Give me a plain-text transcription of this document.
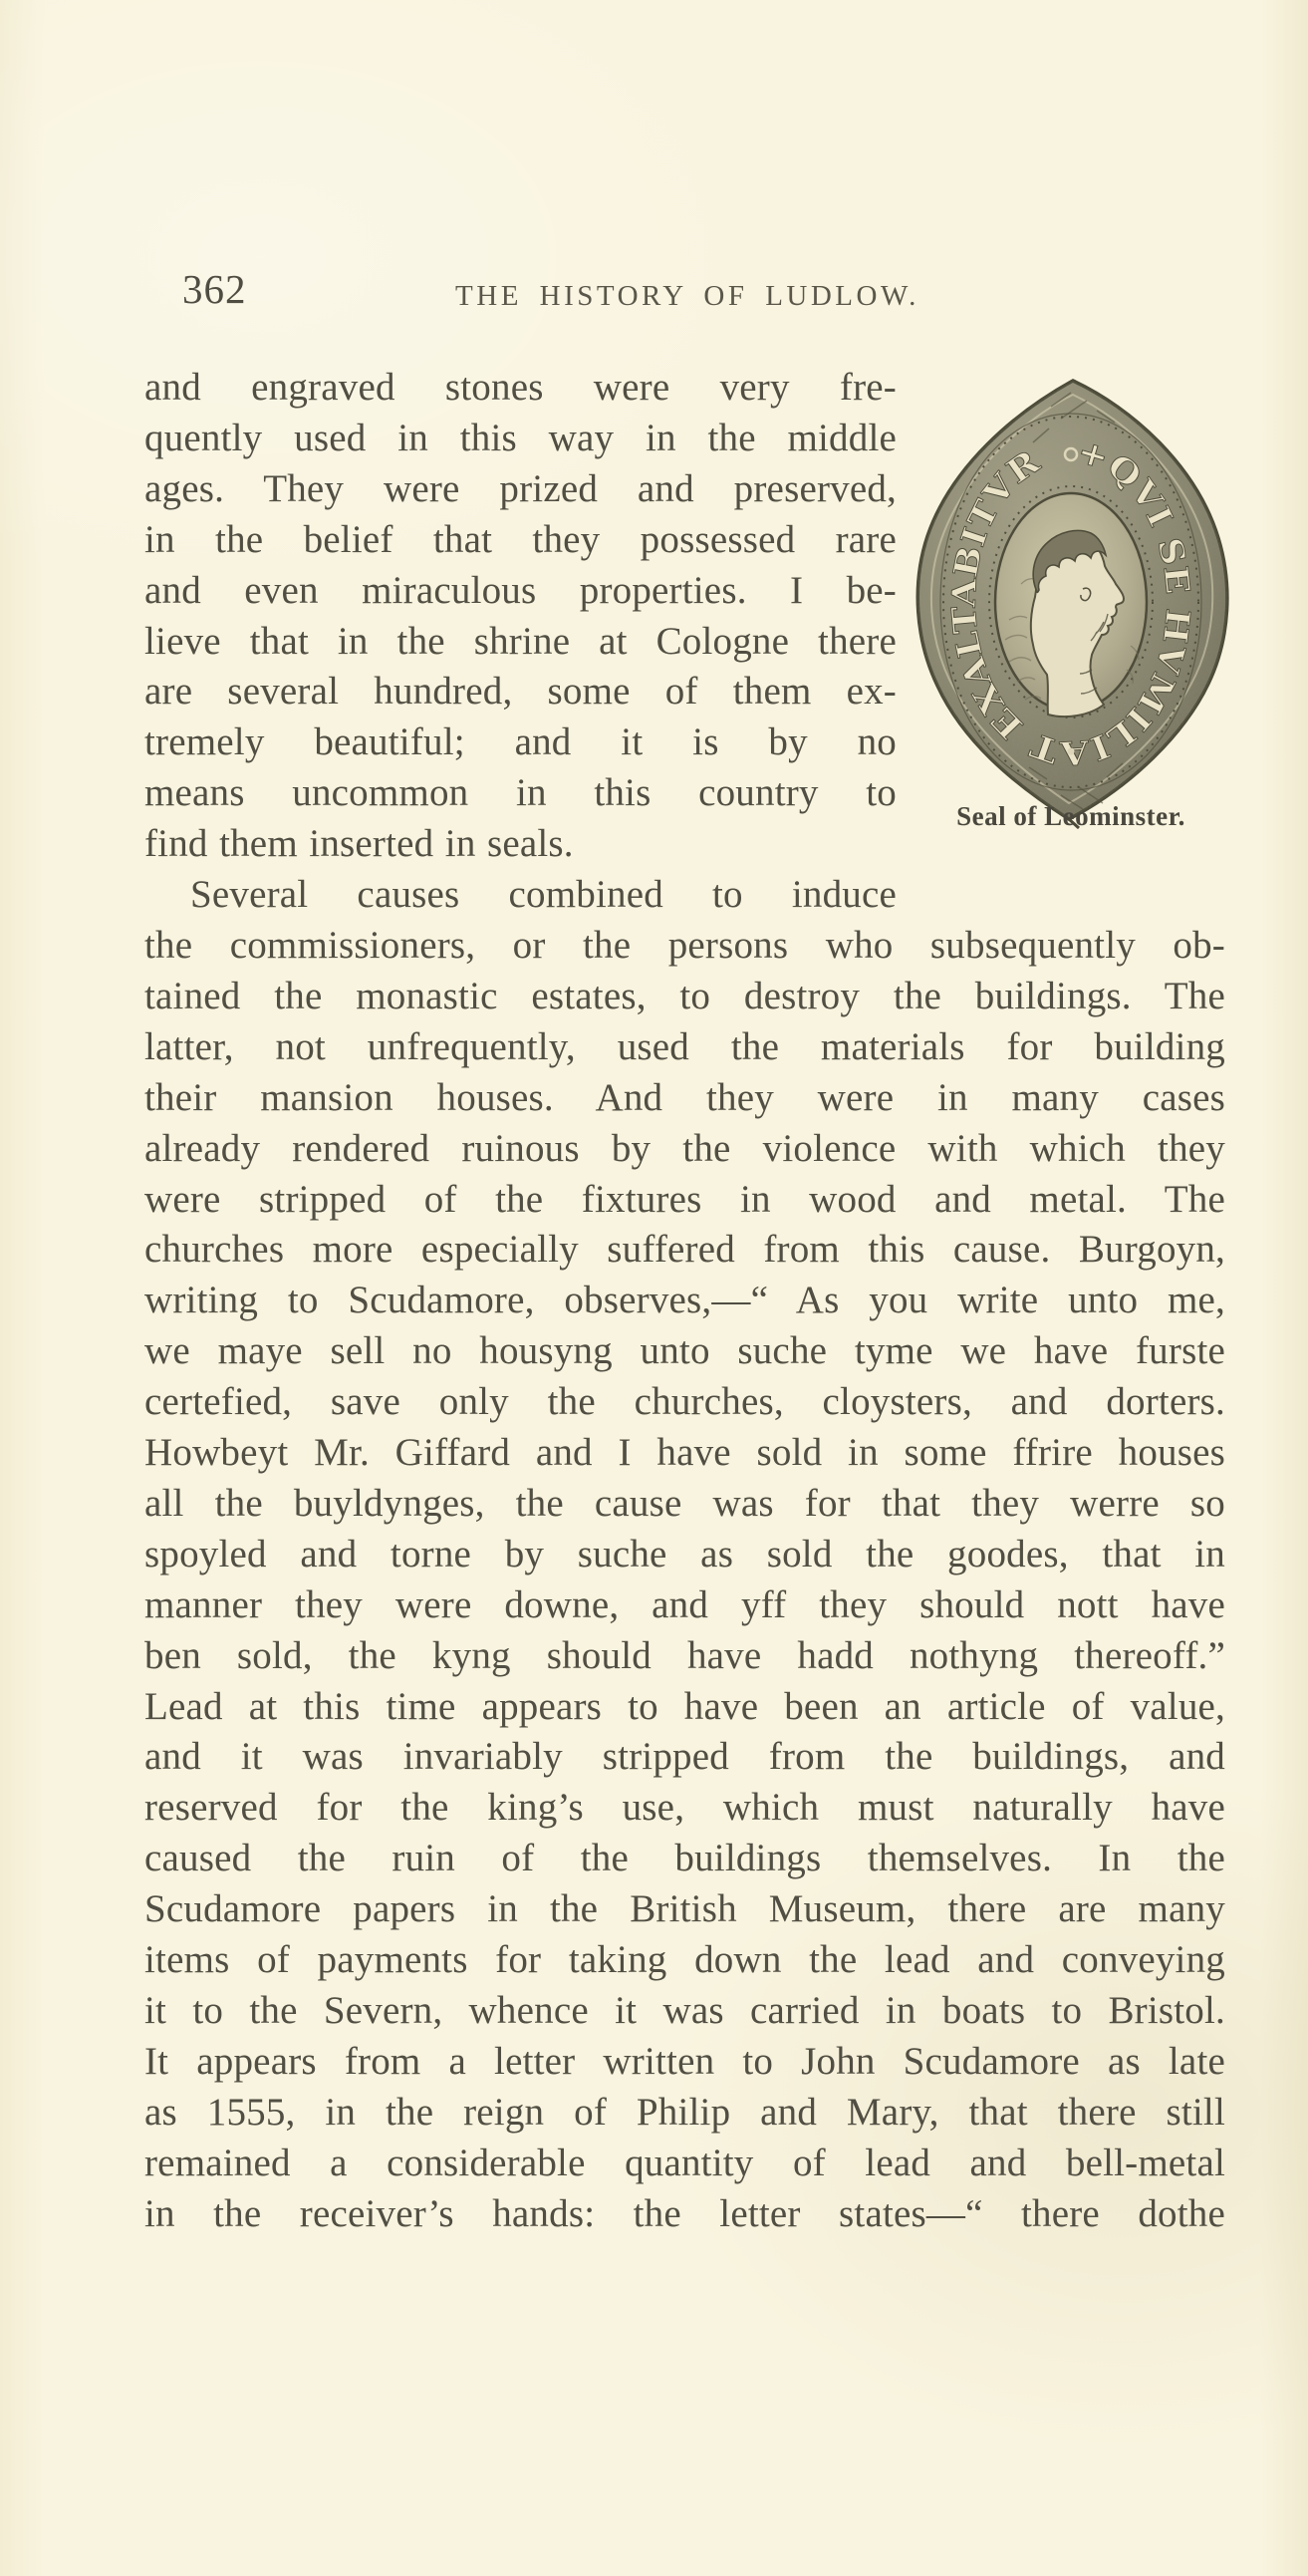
362	THE HISTORY OF LUDLOW.
and engraved stones were very fre-
quently used in this way in the middle
ages. They were prized and preserved,
in the belief that they possessed rare
and even miraculous properties. I be-
lieve that in the shrine at Cologne there
are several hundred, some of them ex-
tremely beautiful; and it is by no
means uncommon in this country to
find them inserted in seals.
Several causes combined to induce
the commissioners, or the persons who subsequently ob-
tained the monastic estates, to destroy the buildings. The
latter, not unfrequently, used the materials for building
their mansion houses. And they were in many cases
already rendered ruinous by the violence with which they
were stripped of the fixtures in wood and metal. The
churches more especially suffered from this cause. Burgoyn,
writing to Scudamore, observes,—“ As you write unto me,
we maye sell no housyng unto suche tyme we have furste
certefied, save only the churches, cloysters, and dorters.
Howbeyt Mr. Giffard and I have sold in some ffrire houses
all the buyldynges, the cause was for that they werre so
spoyled and torne by suche as sold the goodes, that in
manner they were downe, and yff they should nott have
ben sold, the kyng should have hadd nothyng thereoff.”
Lead at this time appears to have been an article of value,
and it was invariably stripped from the buildings, and
reserved for the king’s use, which must naturally have
caused the ruin of the buildings themselves. In the
Scudamore papers in the British Museum, there are many
items of payments for taking down the lead and conveying
it to the Severn, whence it was carried in boats to Bristol.
It appears from a letter written to John Scudamore as late
as 1555, in the reign of Philip and Mary, that there still
remained a considerable quantity of lead and bell-metal
in the receiver’s hands: the letter states—“ there dothe
+QVI SE HVMILIAT EXALTABITVR
Seal of Leominster.
